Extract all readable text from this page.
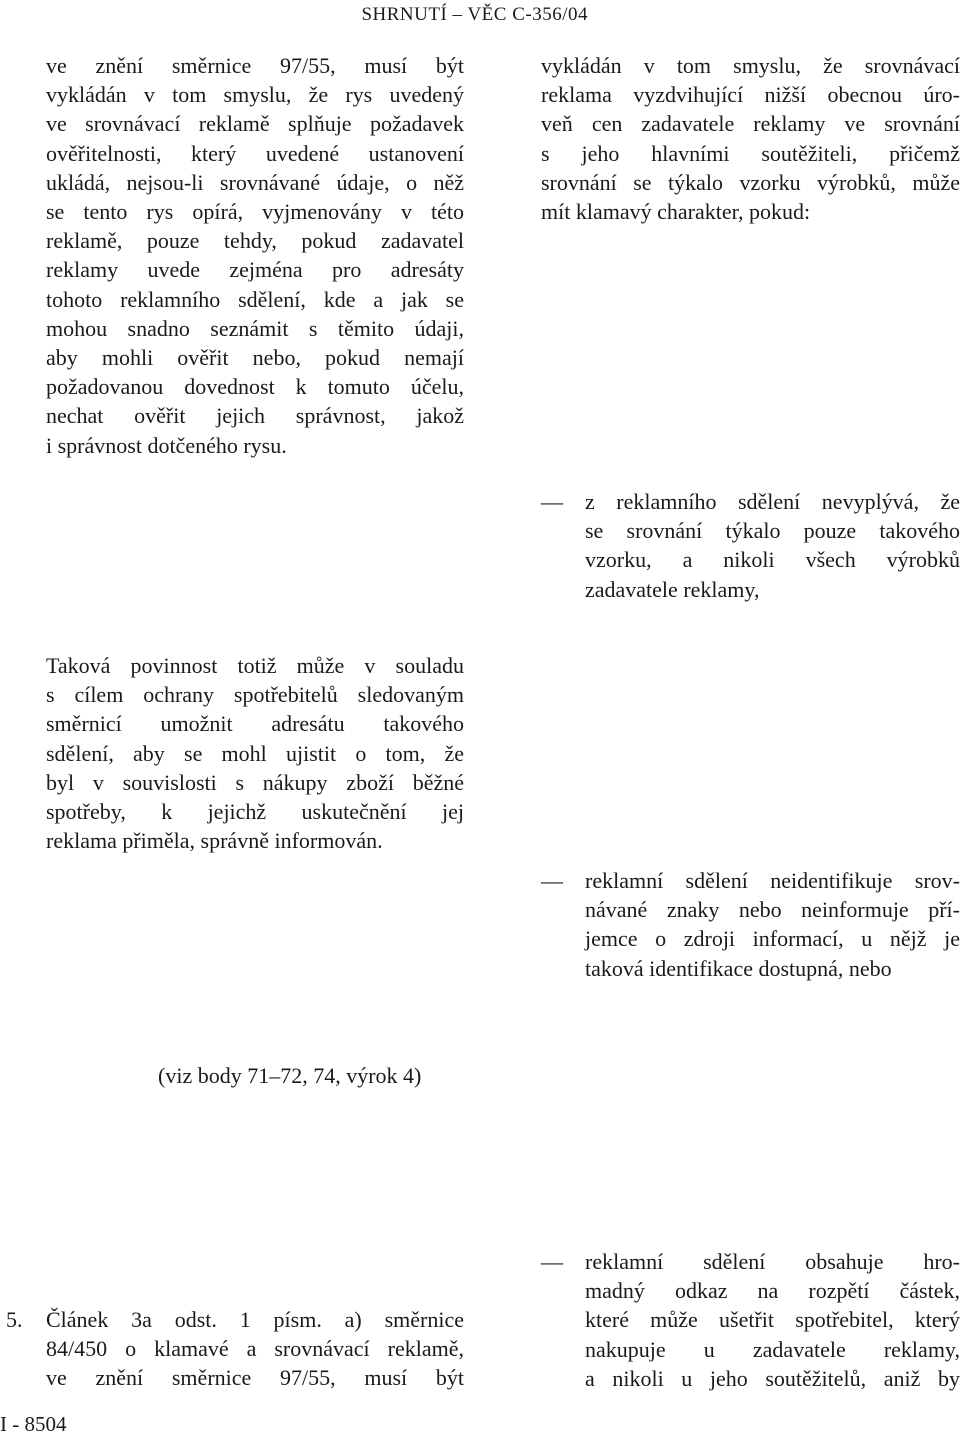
SHRNUTÍ – VĚC C-356/04
ve znění směrnice 97/55, musí být
vykládán v tom smyslu, že rys uvedený
ve srovnávací reklamě splňuje požadavek
ověřitelnosti, který uvedené ustanovení
ukládá, nejsou-li srovnávané údaje, o něž
se tento rys opírá, vyjmenovány v této
reklamě, pouze tehdy, pokud zadavatel
reklamy uvede zejména pro adresáty
tohoto reklamního sdělení, kde a jak se
mohou snadno seznámit s těmito údaji,
aby mohli ověřit nebo, pokud nemají
požadovanou dovednost k tomuto účelu,
nechat ověřit jejich správnost, jakož
i správnost dotčeného rysu.
Taková povinnost totiž může v souladu
s cílem ochrany spotřebitelů sledovaným
směrnicí umožnit adresátu takového
sdělení, aby se mohl ujistit o tom, že
byl v souvislosti s nákupy zboží běžné
spotřeby, k jejichž uskutečnění jej
reklama přiměla, správně informován.
(viz body 71–72, 74, výrok 4)
5. Článek 3a odst. 1 písm. a) směrnice
84/450 o klamavé a srovnávací reklamě,
ve znění směrnice 97/55, musí být
vykládán v tom smyslu, že srovnávací
reklama vyzdvihující nižší obecnou úro-
veň cen zadavatele reklamy ve srovnání
s jeho hlavními soutěžiteli, přičemž
srovnání se týkalo vzorku výrobků, může
mít klamavý charakter, pokud:
— z reklamního sdělení nevyplývá, že
se srovnání týkalo pouze takového
vzorku, a nikoli všech výrobků
zadavatele reklamy,
— reklamní sdělení neidentifikuje srov-
návané znaky nebo neinformuje pří-
jemce o zdroji informací, u nějž je
taková identifikace dostupná, nebo
— reklamní sdělení obsahuje hro-
madný odkaz na rozpětí částek,
které může ušetřit spotřebitel, který
nakupuje u zadavatele reklamy,
a nikoli u jeho soutěžitelů, aniž by
I - 8504
